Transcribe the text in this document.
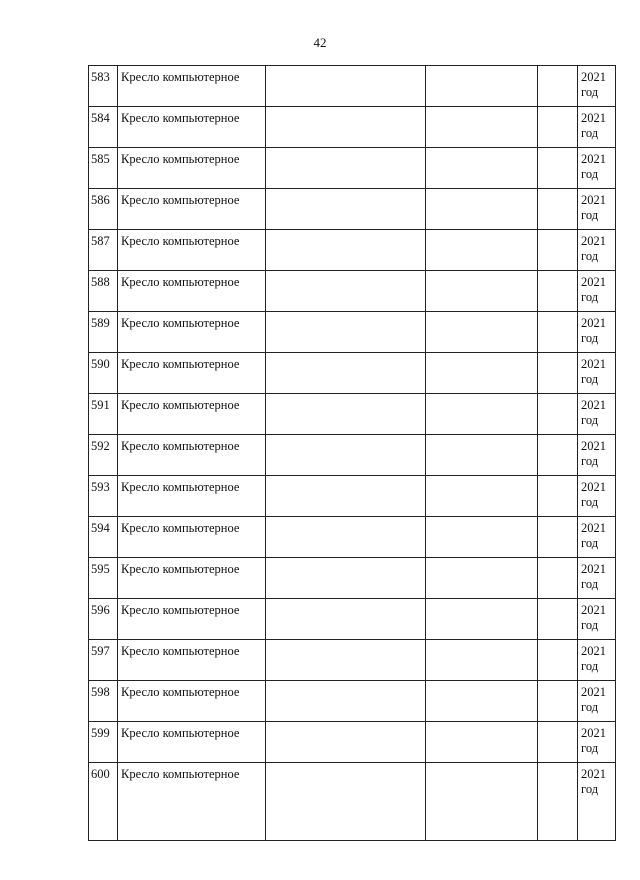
42
583	Кресло компьютерное				2021
год

584	Кресло компьютерное				2021
год

585	Кресло компьютерное				2021
год

586	Кресло компьютерное				2021
год

587	Кресло компьютерное				2021
год

588	Кресло компьютерное				2021
год

589	Кресло компьютерное				2021
год

590	Кресло компьютерное				2021
год

591	Кресло компьютерное				2021
год

592	Кресло компьютерное				2021
год

593	Кресло компьютерное				2021
год

594	Кресло компьютерное				2021
год

595	Кресло компьютерное				2021
год

596	Кресло компьютерное				2021
год

597	Кресло компьютерное				2021
год

598	Кресло компьютерное				2021
год

599	Кресло компьютерное				2021
год

600	Кресло компьютерное				2021
год
